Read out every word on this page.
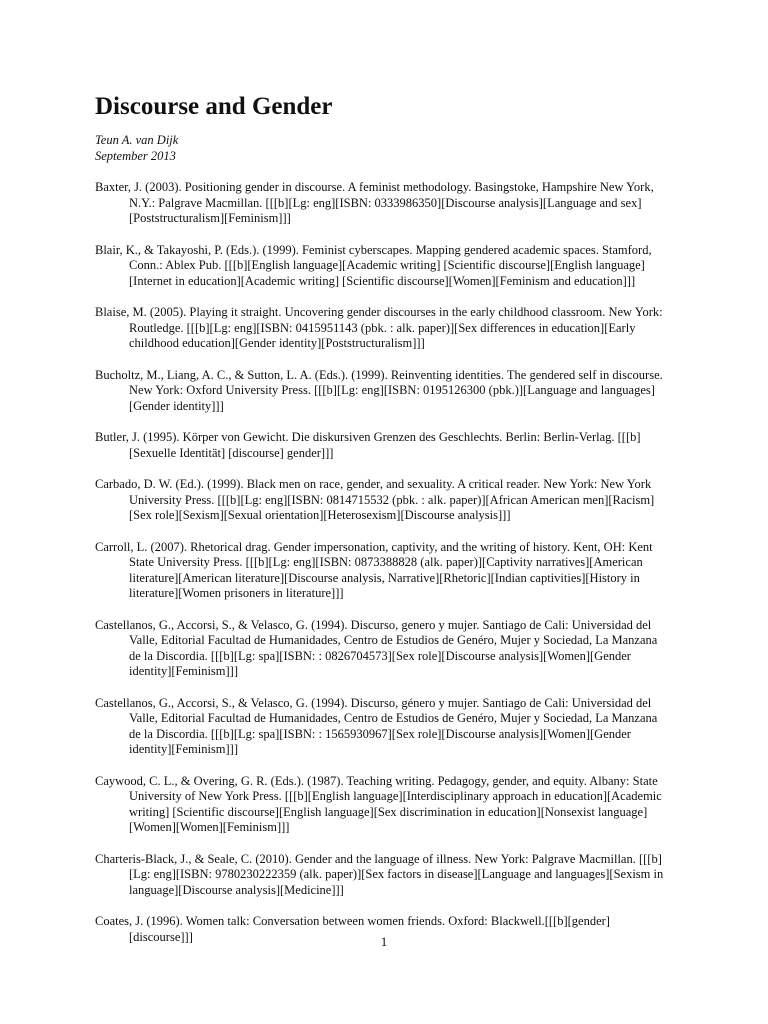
Discourse and Gender
Teun A. van Dijk
September 2013
Baxter, J. (2003). Positioning gender in discourse. A feminist methodology. Basingstoke, Hampshire New York,
N.Y.: Palgrave Macmillan. [[[b][Lg: eng][ISBN: 0333986350][Discourse analysis][Language and sex]
[Poststructuralism][Feminism]]]
Blair, K., & Takayoshi, P. (Eds.). (1999). Feminist cyberscapes. Mapping gendered academic spaces. Stamford,
Conn.: Ablex Pub. [[[b][English language][Academic writing] [Scientific discourse][English language]
[Internet in education][Academic writing] [Scientific discourse][Women][Feminism and education]]]
Blaise, M. (2005). Playing it straight. Uncovering gender discourses in the early childhood classroom. New York:
Routledge. [[[b][Lg: eng][ISBN: 0415951143 (pbk. : alk. paper)][Sex differences in education][Early
childhood education][Gender identity][Poststructuralism]]]
Bucholtz, M., Liang, A. C., & Sutton, L. A. (Eds.). (1999). Reinventing identities. The gendered self in discourse.
New York: Oxford University Press. [[[b][Lg: eng][ISBN: 0195126300 (pbk.)][Language and languages]
[Gender identity]]]
Butler, J. (1995). Körper von Gewicht. Die diskursiven Grenzen des Geschlechts. Berlin: Berlin-Verlag. [[[b]
[Sexuelle Identität] [discourse] gender]]]
Carbado, D. W. (Ed.). (1999). Black men on race, gender, and sexuality. A critical reader. New York: New York
University Press. [[[b][Lg: eng][ISBN: 0814715532 (pbk. : alk. paper)][African American men][Racism]
[Sex role][Sexism][Sexual orientation][Heterosexism][Discourse analysis]]]
Carroll, L. (2007). Rhetorical drag. Gender impersonation, captivity, and the writing of history. Kent, OH: Kent
State University Press. [[[b][Lg: eng][ISBN: 0873388828 (alk. paper)][Captivity narratives][American
literature][American literature][Discourse analysis, Narrative][Rhetoric][Indian captivities][History in
literature][Women prisoners in literature]]]
Castellanos, G., Accorsi, S., & Velasco, G. (1994). Discurso, genero y mujer. Santiago de Cali: Universidad del
Valle, Editorial Facultad de Humanidades, Centro de Estudios de Genéro, Mujer y Sociedad, La Manzana
de la Discordia. [[[b][Lg: spa][ISBN: : 0826704573][Sex role][Discourse analysis][Women][Gender
identity][Feminism]]]
Castellanos, G., Accorsi, S., & Velasco, G. (1994). Discurso, género y mujer. Santiago de Cali: Universidad del
Valle, Editorial Facultad de Humanidades, Centro de Estudios de Genéro, Mujer y Sociedad, La Manzana
de la Discordia. [[[b][Lg: spa][ISBN: : 1565930967][Sex role][Discourse analysis][Women][Gender
identity][Feminism]]]
Caywood, C. L., & Overing, G. R. (Eds.). (1987). Teaching writing. Pedagogy, gender, and equity. Albany: State
University of New York Press. [[[b][English language][Interdisciplinary approach in education][Academic
writing] [Scientific discourse][English language][Sex discrimination in education][Nonsexist language]
[Women][Women][Feminism]]]
Charteris-Black, J., & Seale, C. (2010). Gender and the language of illness. New York: Palgrave Macmillan. [[[b]
[Lg: eng][ISBN: 9780230222359 (alk. paper)][Sex factors in disease][Language and languages][Sexism in
language][Discourse analysis][Medicine]]]
Coates, J. (1996). Women talk: Conversation between women friends. Oxford: Blackwell.[[[b][gender]
[discourse]]]	1
